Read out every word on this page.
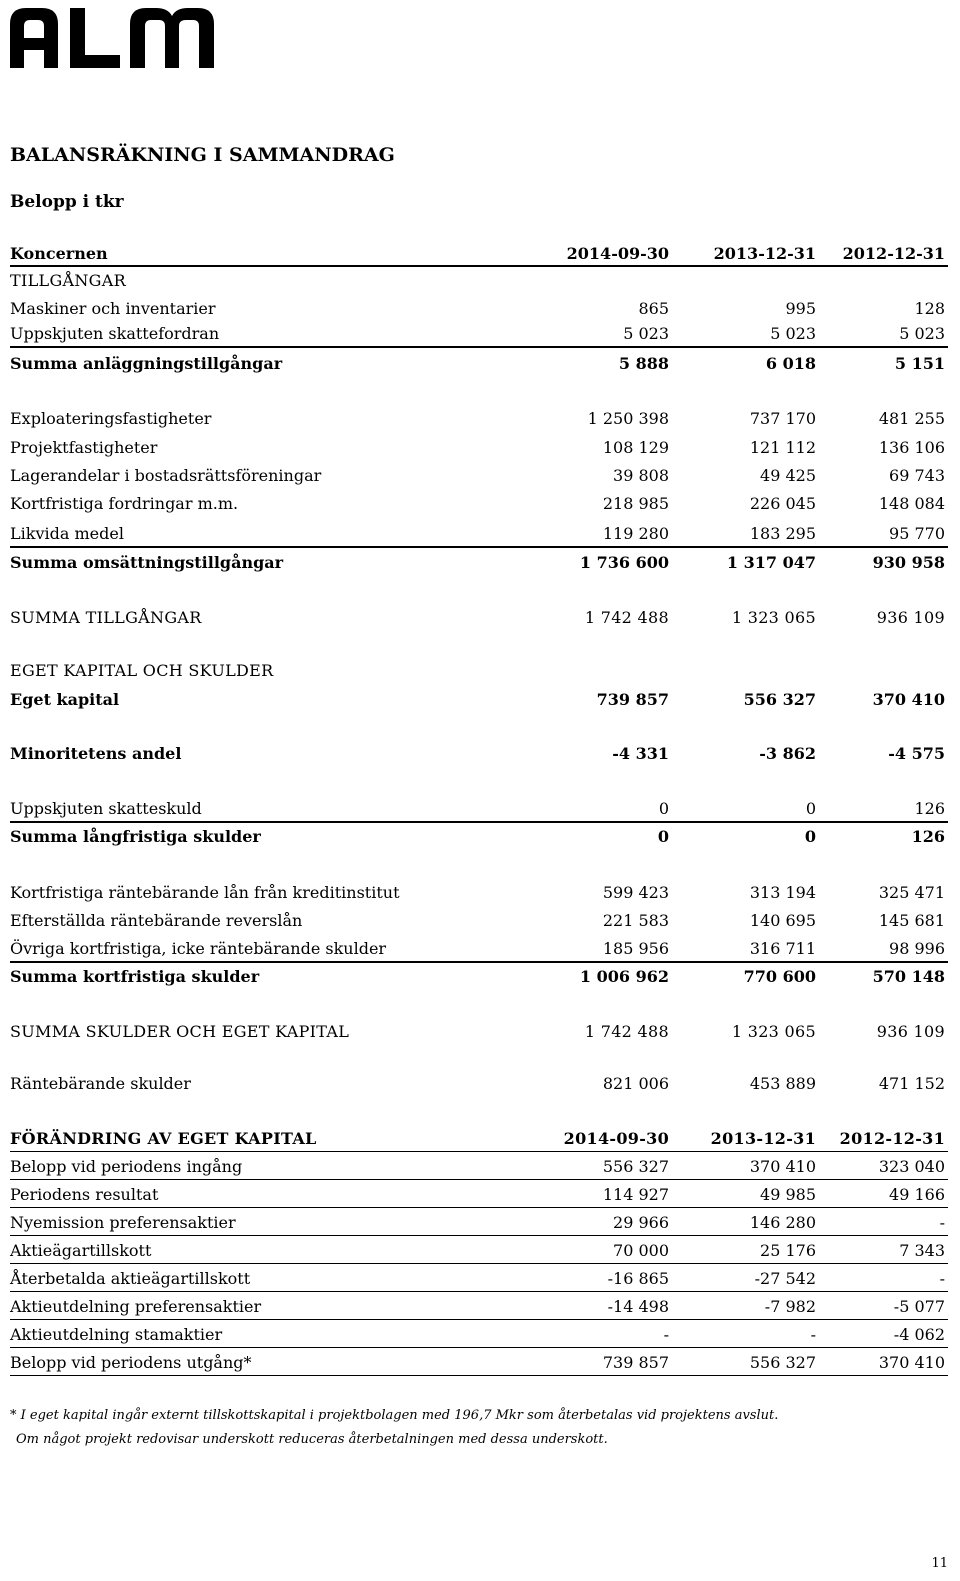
BALANSRÄKNING I SAMMANDRAG
Belopp i tkr
Koncernen	2014-09-30	2013-12-31 2012-12-31
TILLGÅNGAR
Maskiner och inventarier	865	995	128
Uppskjuten skattefordran	5 023	5 023	5 023
Summa anläggningstillgångar	5 888	6 018	5 151
Exploateringsfastigheter	1 250 398	737 170	481 255
Projektfastigheter	108 129	121 112	136 106
Lagerandelar i bostadsrättsföreningar	39 808	49 425	69 743
Kortfristiga fordringar m.m.	218 985	226 045	148 084
Likvida medel	119 280	183 295	95 770
Summa omsättningstillgångar	1 736 600	1 317 047	930 958
SUMMA TILLGÅNGAR	1 742 488	1 323 065	936 109
EGET KAPITAL OCH SKULDER
Eget kapital	739 857	556 327	370 410
Minoritetens andel	-4 331	-3 862	-4 575
Uppskjuten skatteskuld	0	0	126
Summa långfristiga skulder	0	0	126
Kortfristiga räntebärande lån från kreditinstitut	599 423	313 194	325 471
Efterställda räntebärande reverslån	221 583	140 695	145 681
Övriga kortfristiga, icke räntebärande skulder	185 956	316 711	98 996
Summa kortfristiga skulder	1 006 962	770 600	570 148
SUMMA SKULDER OCH EGET KAPITAL	1 742 488	1 323 065	936 109
Räntebärande skulder	821 006	453 889	471 152
FÖRÄNDRING AV EGET KAPITAL	2014-09-30	2013-12-31 2012-12-31
Belopp vid periodens ingång	556 327	370 410	323 040
Periodens resultat	114 927	49 985	49 166
Nyemission preferensaktier	29 966	146 280	-
Aktieägartillskott	70 000	25 176	7 343
Återbetalda aktieägartillskott	-16 865	-27 542	-
Aktieutdelning preferensaktier	-14 498	-7 982	-5 077
Aktieutdelning stamaktier	-	-	-4 062
Belopp vid periodens utgång*	739 857	556 327	370 410
* I eget kapital ingår externt tillskottskapital i projektbolagen med 196,7 Mkr som återbetalas vid projektens avslut.
Om något projekt redovisar underskott reduceras återbetalningen med dessa underskott.
11
